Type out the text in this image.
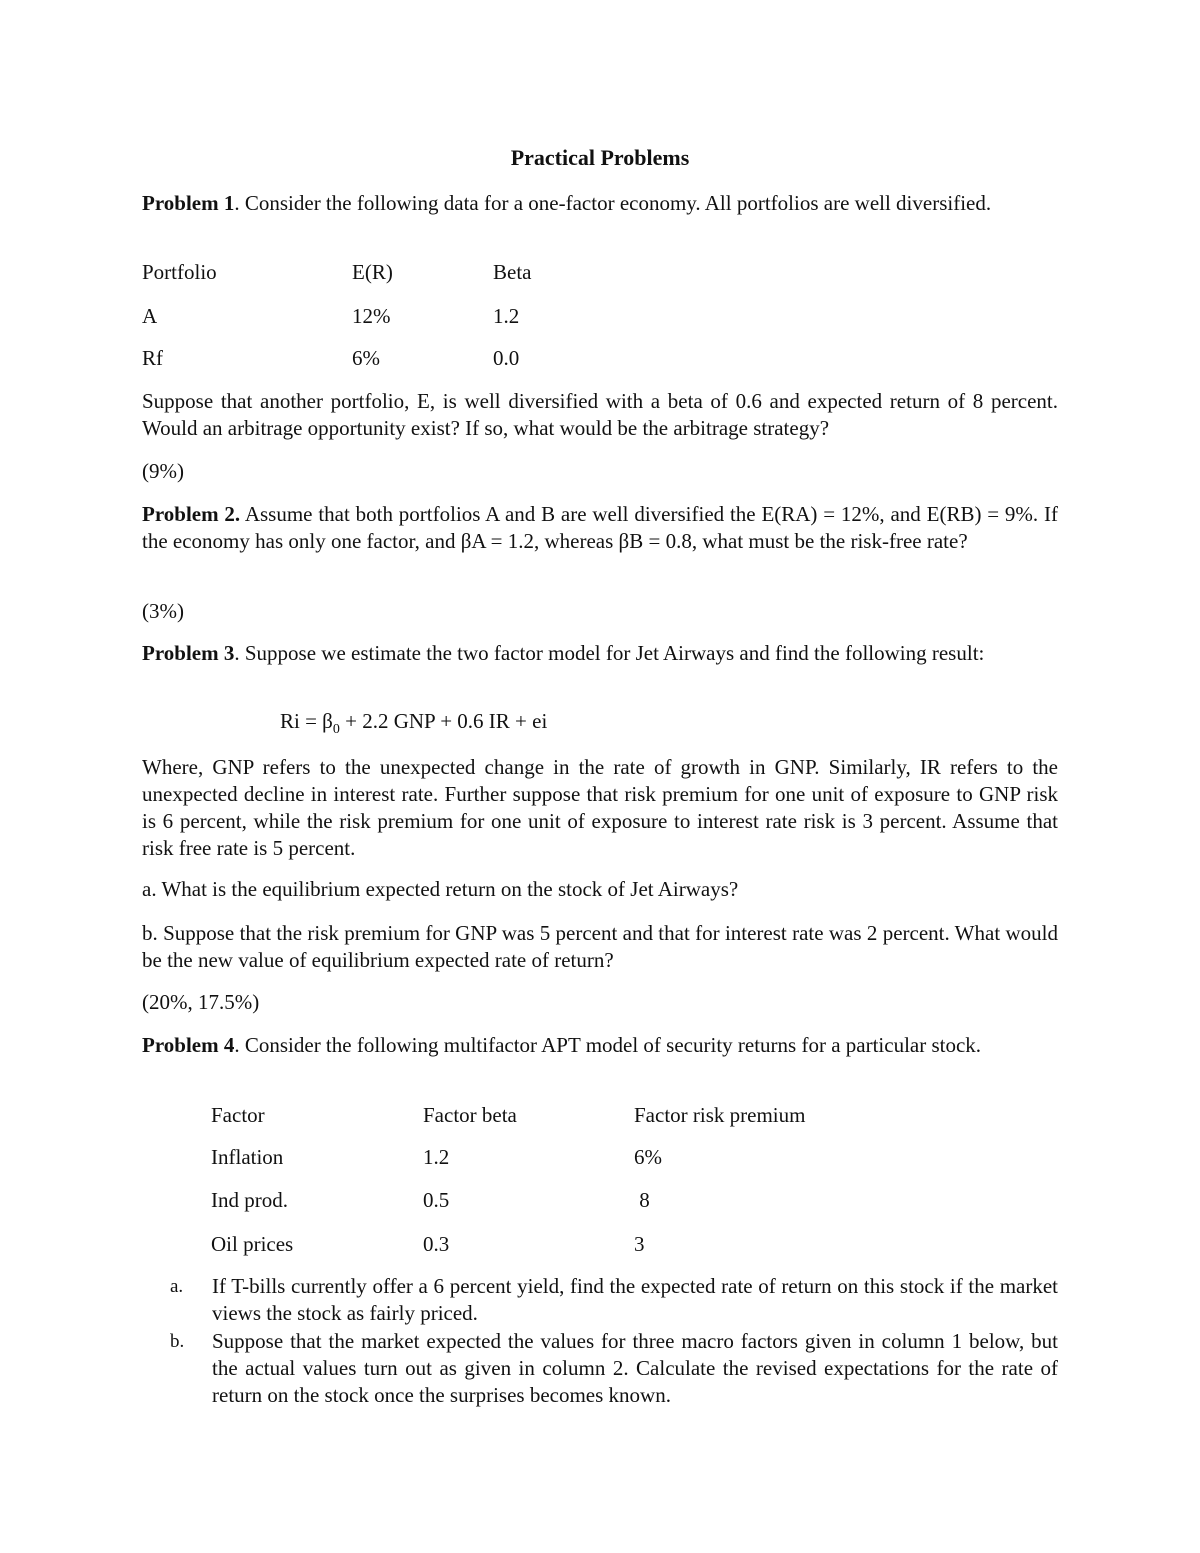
Practical Problems

Problem 1. Consider the following data for a one-factor economy. All portfolios are well diversified.

Portfolio	E(R)	Beta

A	12%	1.2

Rf	6%	0.0

Suppose that another portfolio, E, is well diversified with a beta of 0.6 and expected return of 8 percent. Would an arbitrage opportunity exist? If so, what would be the arbitrage strategy?

(9%)

Problem 2. Assume that both portfolios A and B are well diversified the E(RA) = 12%, and E(RB) = 9%. If the economy has only one factor, and βA = 1.2, whereas βB = 0.8, what must be the risk-free rate?

(3%)

Problem 3. Suppose we estimate the two factor model for Jet Airways and find the following result:

$Ri = \beta_0 + 2.2$ GNP + 0.6 IR + ei

Where, GNP refers to the unexpected change in the rate of growth in GNP. Similarly, IR refers to the unexpected decline in interest rate. Further suppose that risk premium for one unit of exposure to GNP risk is 6 percent, while the risk premium for one unit of exposure to interest rate risk is 3 percent. Assume that risk free rate is 5 percent.

a. What is the equilibrium expected return on the stock of Jet Airways?

b. Suppose that the risk premium for GNP was 5 percent and that for interest rate was 2 percent. What would be the new value of equilibrium expected rate of return?

(20%, 17.5%)

Problem 4. Consider the following multifactor APT model of security returns for a particular stock.

Factor	Factor beta	Factor risk premium

Inflation	1.2	6%

Ind prod.	0.5	8

Oil prices	0.3	3

a. If T-bills currently offer a 6 percent yield, find the expected rate of return on this stock if the market views the stock as fairly priced.
b. Suppose that the market expected the values for three macro factors given in column 1 below, but the actual values turn out as given in column 2. Calculate the revised expectations for the rate of return on the stock once the surprises becomes known.
